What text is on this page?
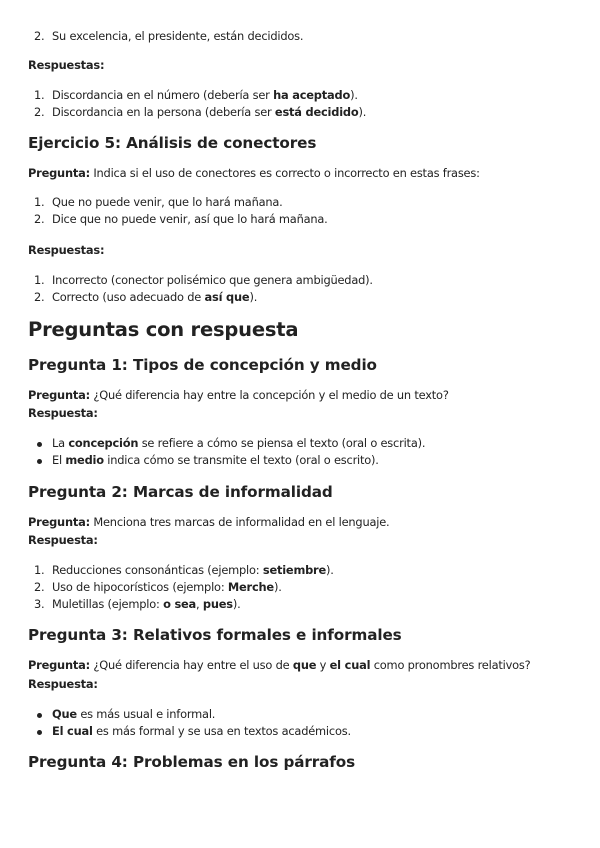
2. Su excelencia, el presidente, están decididos.
Respuestas:
1. Discordancia en el número (debería ser ha aceptado).
2. Discordancia en la persona (debería ser está decidido).
Ejercicio 5: Análisis de conectores
Pregunta: Indica si el uso de conectores es correcto o incorrecto en estas frases:
1. Que no puede venir, que lo hará mañana.
2. Dice que no puede venir, así que lo hará mañana.
Respuestas:
1. Incorrecto (conector polisémico que genera ambigüedad).
2. Correcto (uso adecuado de así que).
Preguntas con respuesta
Pregunta 1: Tipos de concepción y medio
Pregunta: ¿Qué diferencia hay entre la concepción y el medio de un texto?
Respuesta:
La concepción se refiere a cómo se piensa el texto (oral o escrita).
El medio indica cómo se transmite el texto (oral o escrito).
Pregunta 2: Marcas de informalidad
Pregunta: Menciona tres marcas de informalidad en el lenguaje.
Respuesta:
1. Reducciones consonánticas (ejemplo: setiembre).
2. Uso de hipocorísticos (ejemplo: Merche).
3. Muletillas (ejemplo: o sea, pues).
Pregunta 3: Relativos formales e informales
Pregunta: ¿Qué diferencia hay entre el uso de que y el cual como pronombres relativos?
Respuesta:
Que es más usual e informal.
El cual es más formal y se usa en textos académicos.
Pregunta 4: Problemas en los párrafos
